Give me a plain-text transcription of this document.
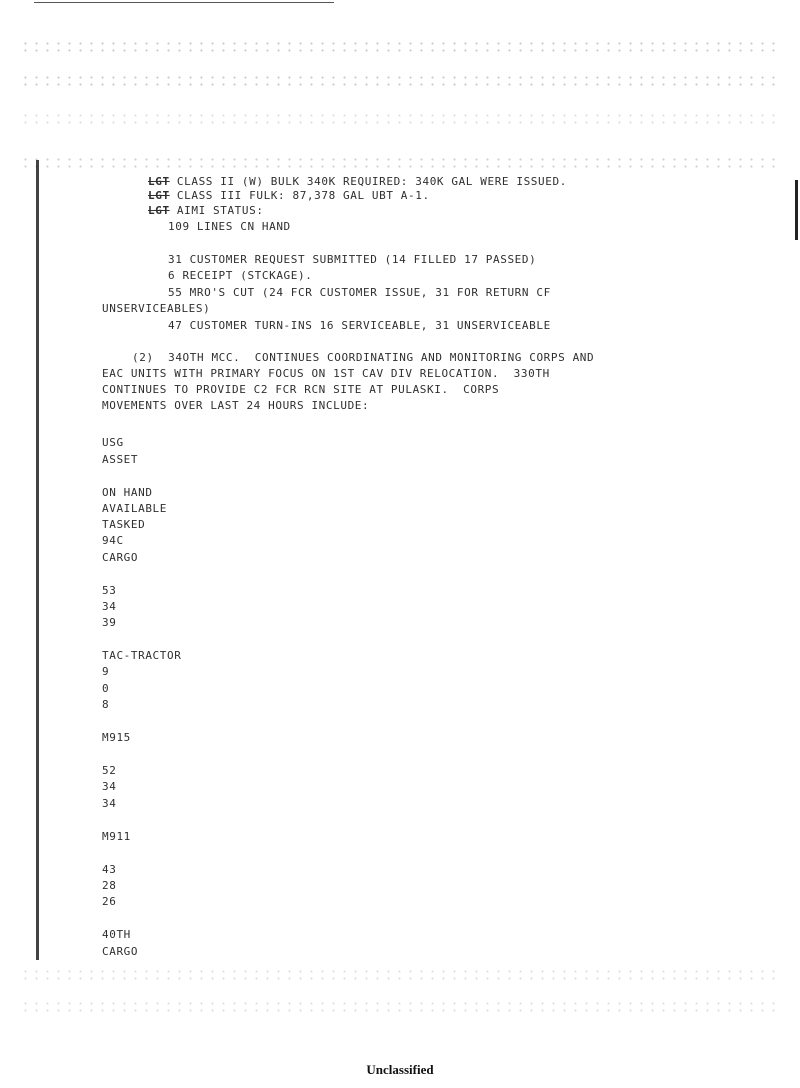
LGT CLASS II (W) BULK 340K REQUIRED: 340K GAL WERE ISSUED.
LGT CLASS III FULK: 87,378 GAL UBT A-1.
LGT AIMI STATUS:
109 LINES CN HAND
31 CUSTOMER REQUEST SUBMITTED (14 FILLED 17 PASSED)
6 RECEIPT (STCKAGE).
55 MRO'S CUT (24 FCR CUSTOMER ISSUE, 31 FOR RETURN CF
UNSERVICEABLES)
47 CUSTOMER TURN-INS 16 SERVICEABLE, 31 UNSERVICEABLE
(2)  34OTH MCC.  CONTINUES COORDINATING AND MONITORING CORPS AND
EAC UNITS WITH PRIMARY FOCUS ON 1ST CAV DIV RELOCATION.  330TH
CONTINUES TO PROVIDE C2 FCR RCN SITE AT PULASKI.  CORPS
MOVEMENTS OVER LAST 24 HOURS INCLUDE:
USG
ASSET
ON HAND
AVAILABLE
TASKED
94C
CARGO
53
34
39
TAC-TRACTOR
9
0
8
M915
52
34
34
M911
43
28
26
40TH
CARGO
Unclassified
